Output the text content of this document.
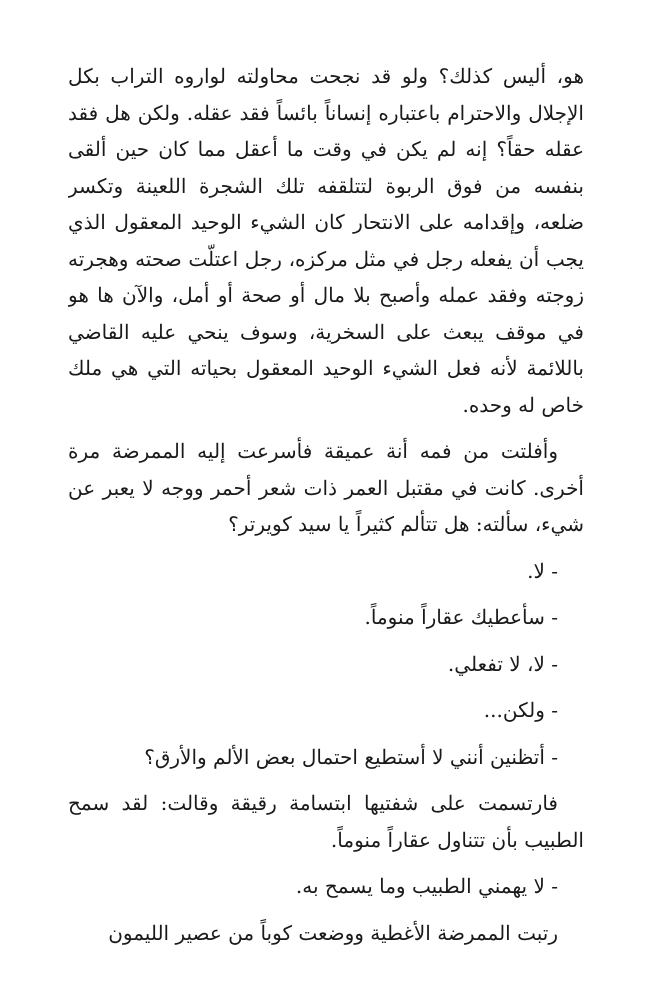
هو، أليس كذلك؟ ولو قد نجحت محاولته لواروه التراب بكل الإجلال والاحترام باعتباره إنساناً بائساً فقد عقله. ولكن هل فقد عقله حقاً؟ إنه لم يكن في وقت ما أعقل مما كان حين ألقى بنفسه من فوق الربوة لتتلقفه تلك الشجرة اللعينة وتكسر ضلعه، وإقدامه على الانتحار كان الشيء الوحيد المعقول الذي يجب أن يفعله رجل في مثل مركزه، رجل اعتلّت صحته وهجرته زوجته وفقد عمله وأصبح بلا مال أو صحة أو أمل، والآن ها هو في موقف يبعث على السخرية، وسوف ينحي عليه القاضي باللائمة لأنه فعل الشيء الوحيد المعقول بحياته التي هي ملك خاص له وحده.

وأفلتت من فمه أنة عميقة فأسرعت إليه الممرضة مرة أخرى. كانت في مقتبل العمر ذات شعر أحمر ووجه لا يعبر عن شيء، سألته: هل تتألم كثيراً يا سيد كويرتر؟

- لا.

- سأعطيك عقاراً منوماً.

- لا، لا تفعلي.

- ولكن...

- أتظنين أنني لا أستطيع احتمال بعض الألم والأرق؟

فارتسمت على شفتيها ابتسامة رقيقة وقالت: لقد سمح الطبيب بأن تتناول عقاراً منوماً.

- لا يهمني الطبيب وما يسمح به.

رتبت الممرضة الأغطية ووضعت كوباً من عصير الليمون
